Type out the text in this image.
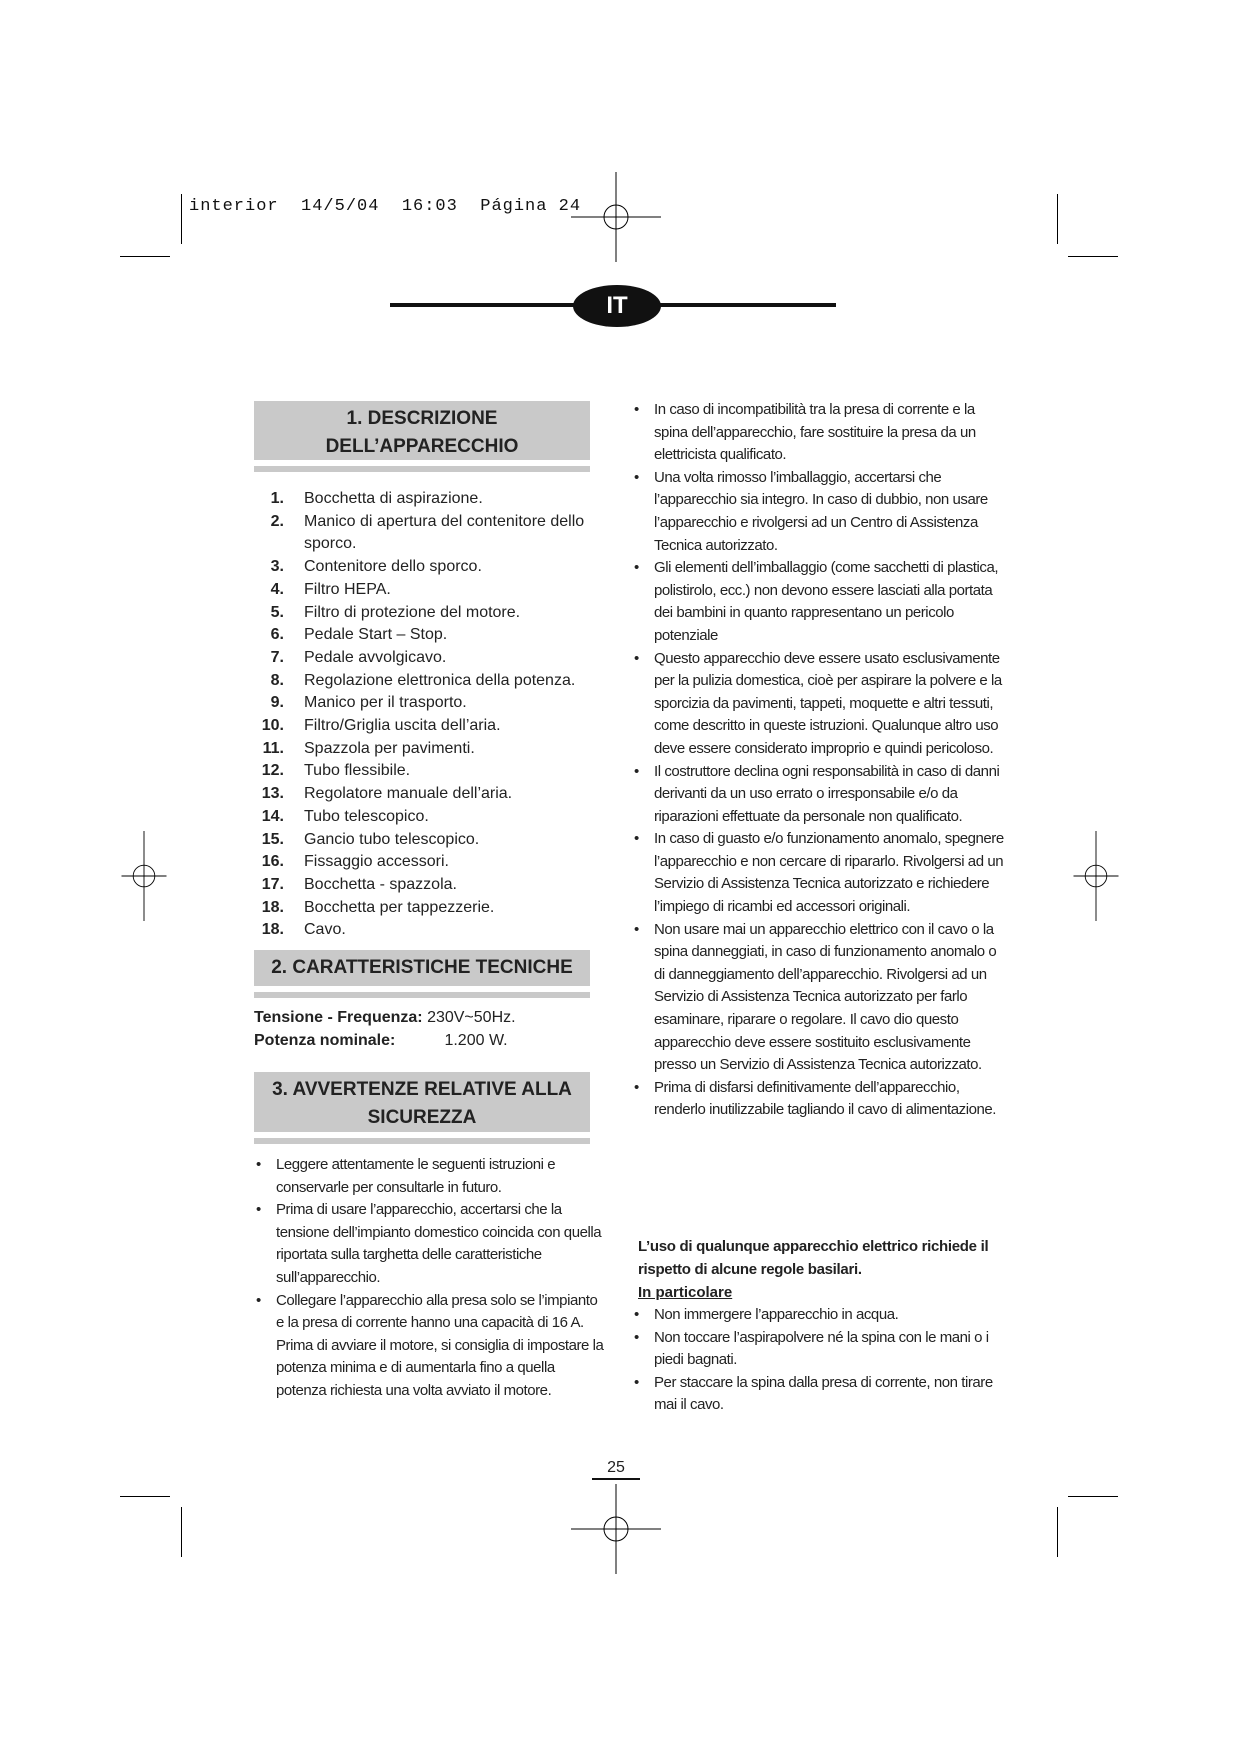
interior  14/5/04  16:03  Página 24
IT
1. DESCRIZIONE
DELL’APPARECCHIO
1. Bocchetta di aspirazione.
2. Manico di apertura del contenitore dello sporco.
3. Contenitore dello sporco.
4. Filtro HEPA.
5. Filtro di protezione del motore.
6. Pedale Start – Stop.
7. Pedale avvolgicavo.
8. Regolazione elettronica della potenza.
9. Manico per il trasporto.
10. Filtro/Griglia uscita dell’aria.
11. Spazzola per pavimenti.
12. Tubo flessibile.
13. Regolatore manuale dell’aria.
14. Tubo telescopico.
15. Gancio tubo telescopico.
16. Fissaggio accessori.
17. Bocchetta - spazzola.
18. Bocchetta per tappezzerie.
18. Cavo.
2. CARATTERISTICHE TECNICHE
Tensione - Frequenza: 230V~50Hz.
Potenza nominale:	1.200 W.
3. AVVERTENZE RELATIVE ALLA
SICUREZZA
• Leggere attentamente le seguenti istruzioni e conservarle per consultarle in futuro.
• Prima di usare l’apparecchio, accertarsi che la tensione dell’impianto domestico coincida con quella riportata sulla targhetta delle caratteristiche sull’apparecchio.
• Collegare l’apparecchio alla presa solo se l’impianto e la presa di corrente hanno una capacità di 16 A. Prima di avviare il motore, si consiglia di impostare la potenza minima e di aumentarla fino a quella potenza richiesta una volta avviato il motore.
• In caso di incompatibilità tra la presa di corrente e la spina dell’apparecchio, fare sostituire la presa da un elettricista qualificato.
• Una volta rimosso l’imballaggio, accertarsi che l’apparecchio sia integro. In caso di dubbio, non usare l’apparecchio e rivolgersi ad un Centro di Assistenza Tecnica autorizzato.
• Gli elementi dell’imballaggio (come sacchetti di plastica, polistirolo, ecc.) non devono essere lasciati alla portata dei bambini in quanto rappresentano un pericolo potenziale
• Questo apparecchio deve essere usato esclusivamente per la pulizia domestica, cioè per aspirare la polvere e la sporcizia da pavimenti, tappeti, moquette e altri tessuti, come descritto in queste istruzioni. Qualunque altro uso deve essere considerato improprio e quindi pericoloso.
• Il costruttore declina ogni responsabilità in caso di danni derivanti da un uso errato o irresponsabile e/o da riparazioni effettuate da personale non qualificato.
• In caso di guasto e/o funzionamento anomalo, spegnere l’apparecchio e non cercare di ripararlo. Rivolgersi ad un Servizio di Assistenza Tecnica autorizzato e richiedere l’impiego di ricambi ed accessori originali.
• Non usare mai un apparecchio elettrico con il cavo o la spina danneggiati, in caso di funzionamento anomalo o di danneggiamento dell’apparecchio. Rivolgersi ad un Servizio di Assistenza Tecnica autorizzato per farlo esaminare, riparare o regolare. Il cavo dio questo apparecchio deve essere sostituito esclusivamente presso un Servizio di Assistenza Tecnica autorizzato.
• Prima di disfarsi definitivamente dell’apparecchio, renderlo inutilizzabile tagliando il cavo di alimentazione.
L’uso di qualunque apparecchio elettrico richiede il rispetto di alcune regole basilari.
In particolare
• Non immergere l’apparecchio in acqua.
• Non toccare l’aspirapolvere né la spina con le mani o i piedi bagnati.
• Per staccare la spina dalla presa di corrente, non tirare mai il cavo.
25
